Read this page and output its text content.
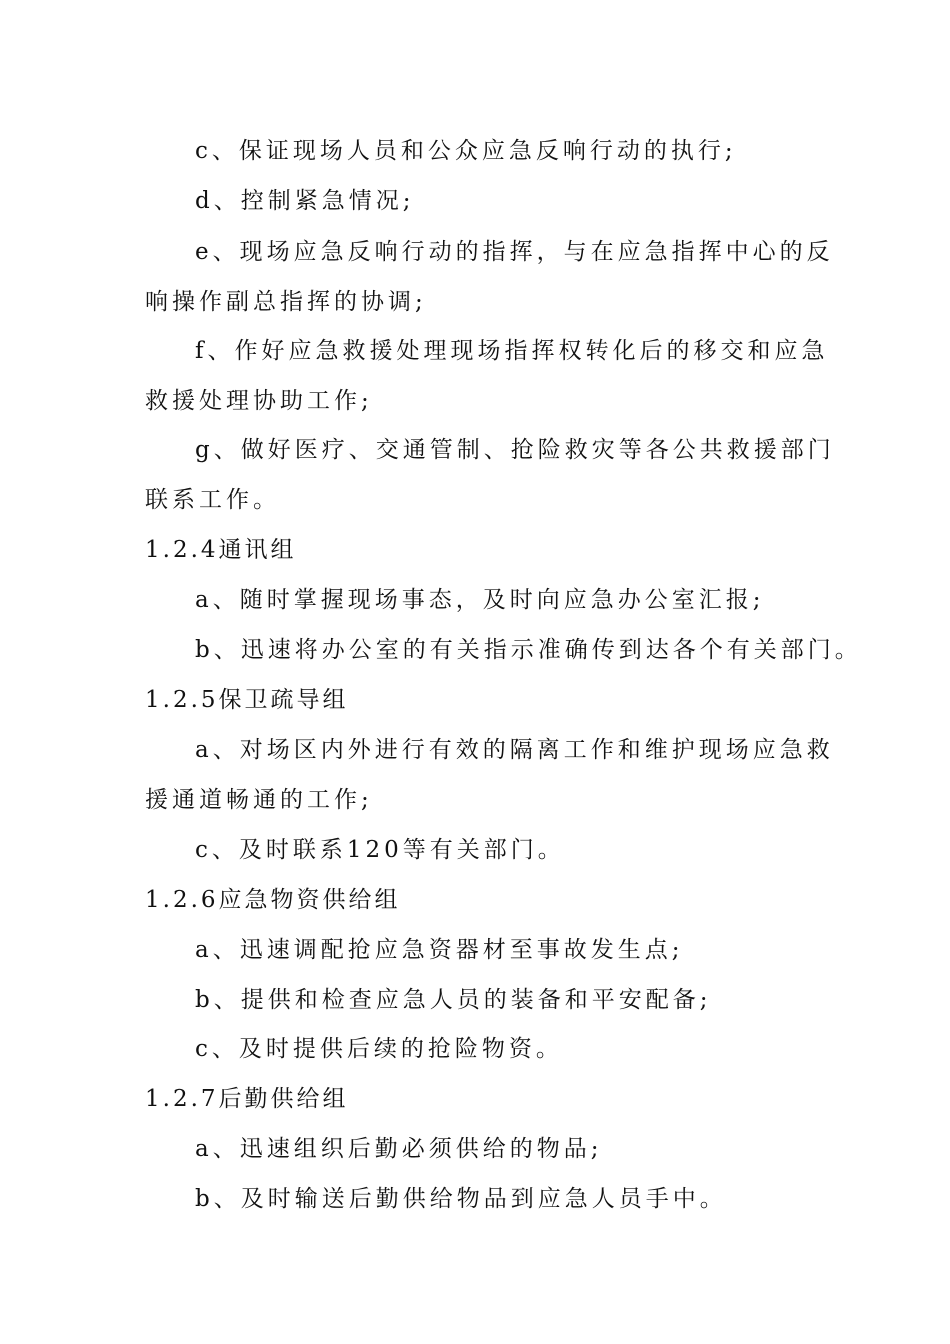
c、保证现场人员和公众应急反响行动的执行;
d、控制紧急情况;
e、现场应急反响行动的指挥，与在应急指挥中心的反
响操作副总指挥的协调;
f、作好应急救援处理现场指挥权转化后的移交和应急
救援处理协助工作;
g、做好医疗、交通管制、抢险救灾等各公共救援部门
联系工作。
1.2.4通讯组
a、随时掌握现场事态，及时向应急办公室汇报;
b、迅速将办公室的有关指示准确传到达各个有关部门。
1.2.5保卫疏导组
a、对场区内外进行有效的隔离工作和维护现场应急救
援通道畅通的工作;
c、及时联系120等有关部门。
1.2.6应急物资供给组
a、迅速调配抢应急资器材至事故发生点;
b、提供和检查应急人员的装备和平安配备;
c、及时提供后续的抢险物资。
1.2.7后勤供给组
a、迅速组织后勤必须供给的物品;
b、及时输送后勤供给物品到应急人员手中。
